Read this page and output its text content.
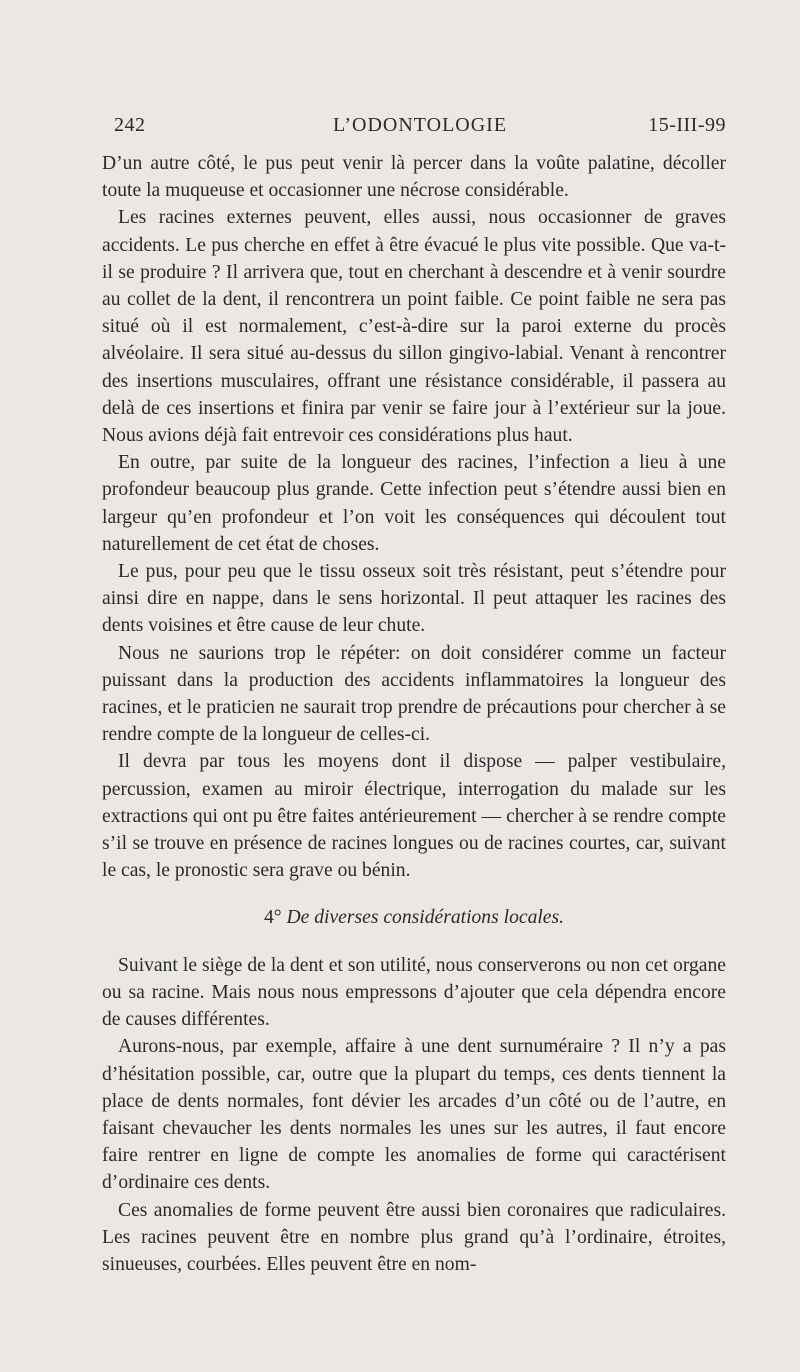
242	L’ODONTOLOGIE	15-III-99

D’un autre côté, le pus peut venir là percer dans la voûte palatine, décoller toute la muqueuse et occasionner une nécrose considérable.

Les racines externes peuvent, elles aussi, nous occasionner de graves accidents. Le pus cherche en effet à être évacué le plus vite possible. Que va-t-il se produire ? Il arrivera que, tout en cherchant à descendre et à venir sourdre au collet de la dent, il rencontrera un point faible. Ce point faible ne sera pas situé où il est normalement, c’est-à-dire sur la paroi externe du procès alvéolaire. Il sera situé au-dessus du sillon gingivo-labial. Venant à rencontrer des insertions musculaires, offrant une résistance considérable, il passera au delà de ces insertions et finira par venir se faire jour à l’extérieur sur la joue. Nous avions déjà fait entrevoir ces considérations plus haut.

En outre, par suite de la longueur des racines, l’infection a lieu à une profondeur beaucoup plus grande. Cette infection peut s’étendre aussi bien en largeur qu’en profondeur et l’on voit les conséquences qui découlent tout naturellement de cet état de choses.

Le pus, pour peu que le tissu osseux soit très résistant, peut s’étendre pour ainsi dire en nappe, dans le sens horizontal. Il peut attaquer les racines des dents voisines et être cause de leur chute.

Nous ne saurions trop le répéter: on doit considérer comme un facteur puissant dans la production des accidents inflammatoires la longueur des racines, et le praticien ne saurait trop prendre de précautions pour chercher à se rendre compte de la longueur de celles-ci.

Il devra par tous les moyens dont il dispose — palper vestibulaire, percussion, examen au miroir électrique, interrogation du malade sur les extractions qui ont pu être faites antérieurement — chercher à se rendre compte s’il se trouve en présence de racines longues ou de racines courtes, car, suivant le cas, le pronostic sera grave ou bénin.

4° De diverses considérations locales.

Suivant le siège de la dent et son utilité, nous conserverons ou non cet organe ou sa racine. Mais nous nous empressons d’ajouter que cela dépendra encore de causes différentes.

Aurons-nous, par exemple, affaire à une dent surnuméraire ? Il n’y a pas d’hésitation possible, car, outre que la plupart du temps, ces dents tiennent la place de dents normales, font dévier les arcades d’un côté ou de l’autre, en faisant chevaucher les dents normales les unes sur les autres, il faut encore faire rentrer en ligne de compte les anomalies de forme qui caractérisent d’ordinaire ces dents.

Ces anomalies de forme peuvent être aussi bien coronaires que radiculaires. Les racines peuvent être en nombre plus grand qu’à l’ordinaire, étroites, sinueuses, courbées. Elles peuvent être en nom-
